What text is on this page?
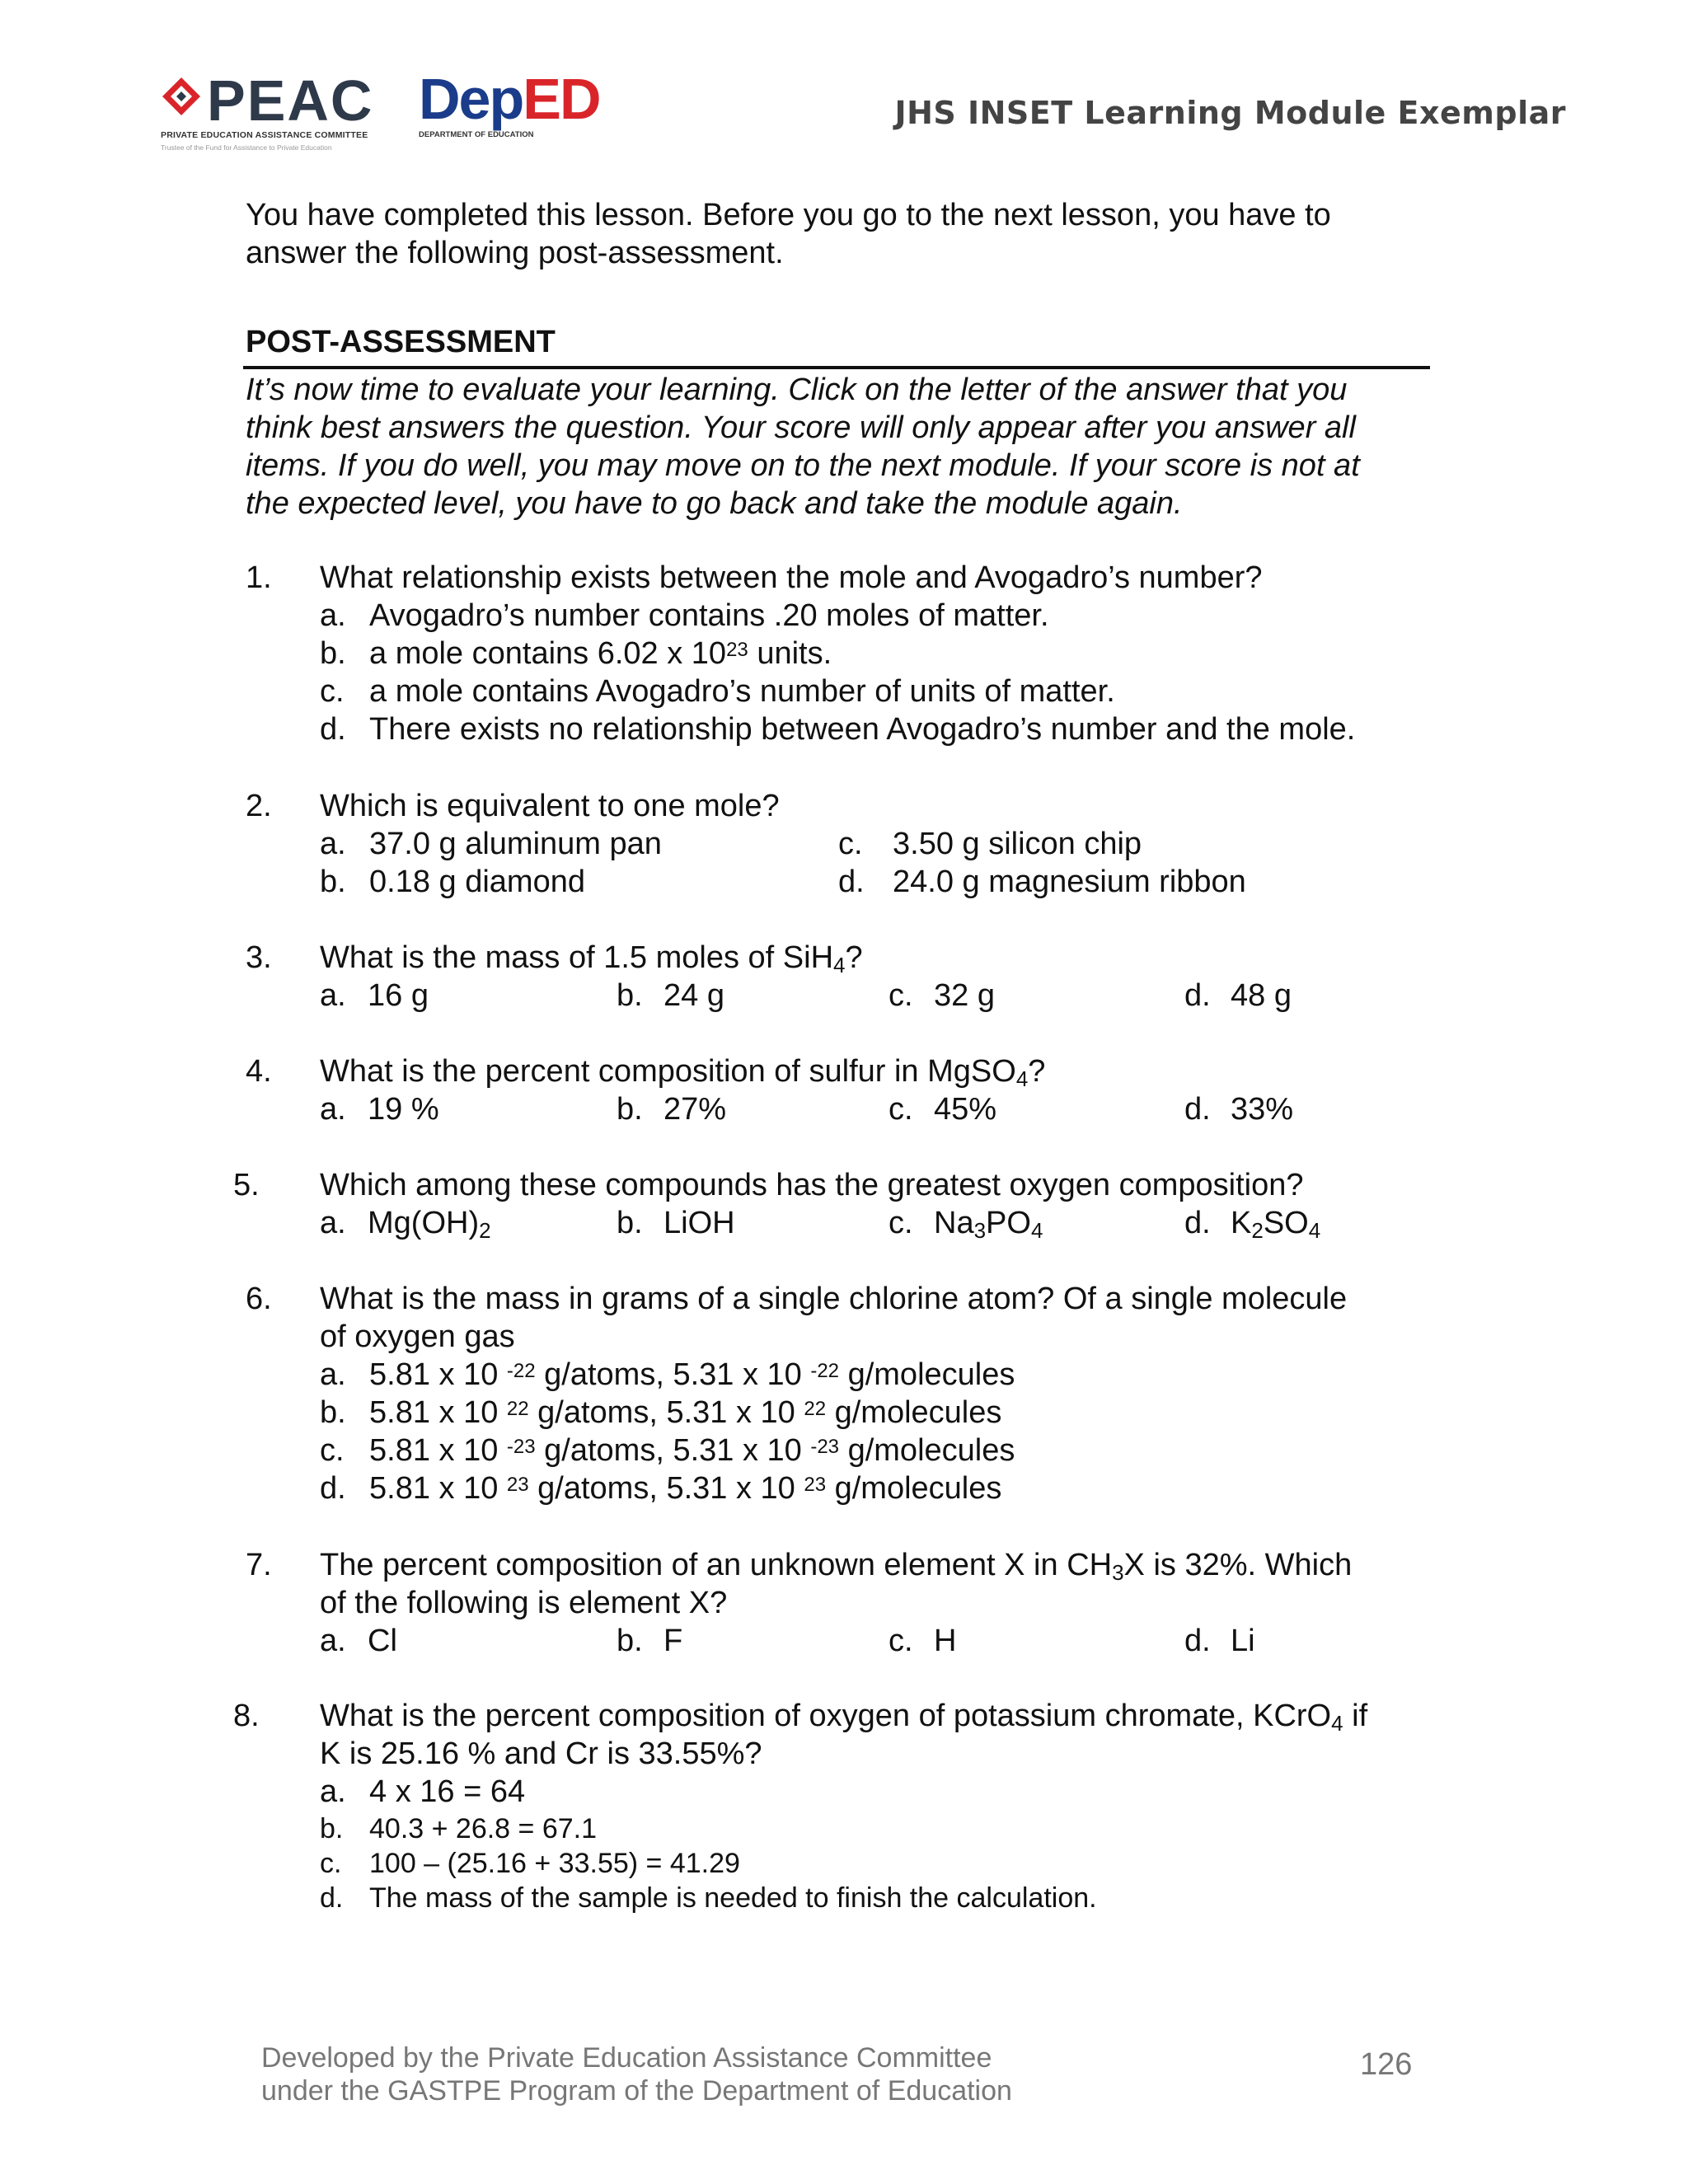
PEAC
PRIVATE EDUCATION ASSISTANCE COMMITTEE
Trustee of the Fund for Assistance to Private Education
DepED
DEPARTMENT OF EDUCATION
JHS INSET Learning Module Exemplar
You have completed this lesson. Before you go to the next lesson, you have to
answer the following post-assessment.
POST-ASSESSMENT
It’s now time to evaluate your learning. Click on the letter of the answer that you
think best answers the question. Your score will only appear after you answer all
items. If you do well, you may move on to the next module. If your score is not at
the expected level, you have to go back and take the module again.
1. What relationship exists between the mole and Avogadro’s number?
a. Avogadro’s number contains .20 moles of matter.
b. a mole contains 6.02 x $10^{23}$ units.
c. a mole contains Avogadro’s number of units of matter.
d. There exists no relationship between Avogadro’s number and the mole.
2. Which is equivalent to one mole?
a. 37.0 g aluminum pan	c. 3.50 g silicon chip
b. 0.18 g diamond	d. 24.0 g magnesium ribbon
3. What is the mass of 1.5 moles of SiH$_4$?
a. 16 g	b. 24 g	c. 32 g	d. 48 g
4. What is the percent composition of sulfur in MgSO$_4$?
a. 19 %	b. 27%	c. 45%	d. 33%
5. Which among these compounds has the greatest oxygen composition?
a. $Mg(OH)_2$	b. LiOH	c. $Na_3PO_4$	d. $K_2SO_4$
6. What is the mass in grams of a single chlorine atom? Of a single molecule
of oxygen gas
a. 5.81 x 10 $^{-22}$ g/atoms, 5.31 x 10 $^{-22}$ g/molecules
b. 5.81 x 10 $^{22}$ g/atoms, 5.31 x 10 $^{22}$ g/molecules
c. 5.81 x 10 $^{-23}$ g/atoms, 5.31 x 10 $^{-23}$ g/molecules
d. 5.81 x 10 $^{23}$ g/atoms, 5.31 x 10 $^{23}$ g/molecules
7. The percent composition of an unknown element X in $CH_3X$ is 32%. Which
of the following is element X?
a. Cl	b. F	c. H	d. Li
8. What is the percent composition of oxygen of potassium chromate, KCrO$_4$ if
K is 25.16 % and Cr is 33.55%?
a. 4 x 16 = 64
b. 40.3 + 26.8 = 67.1
c. 100 – (25.16 + 33.55) = 41.29
d. The mass of the sample is needed to finish the calculation.
Developed by the Private Education Assistance Committee
under the GASTPE Program of the Department of Education
126
